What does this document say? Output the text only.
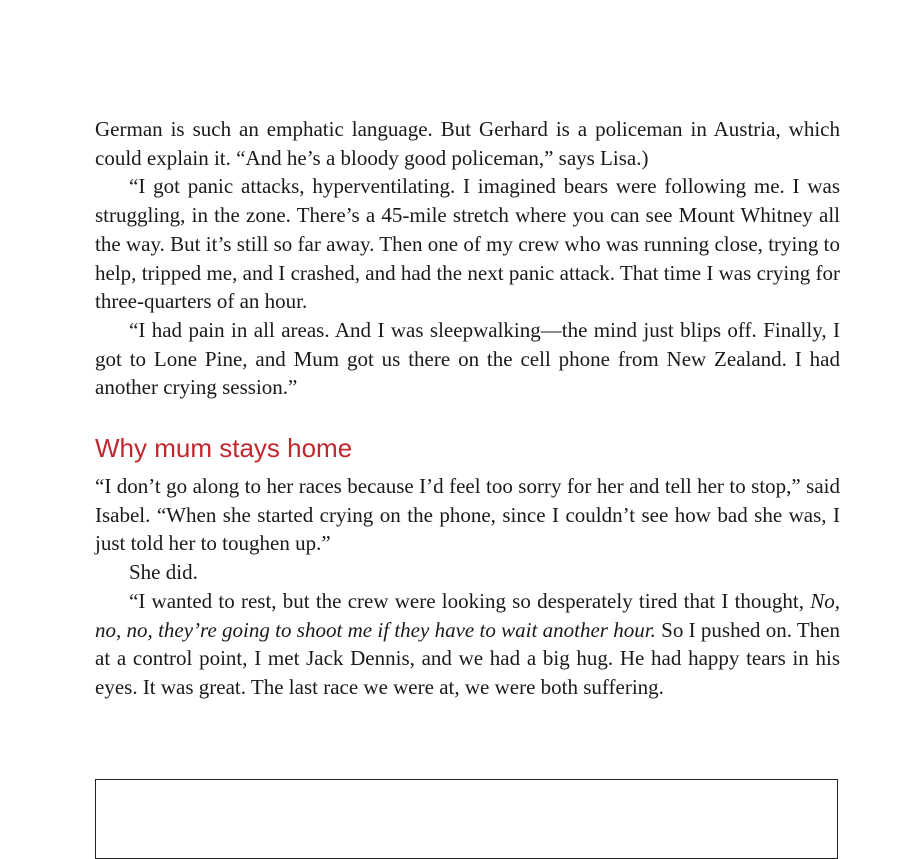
German is such an emphatic language. But Gerhard is a policeman in Austria, which could explain it. “And he’s a bloody good policeman,” says Lisa.)

“I got panic attacks, hyperventilating. I imagined bears were following me. I was struggling, in the zone. There’s a 45-mile stretch where you can see Mount Whitney all the way. But it’s still so far away. Then one of my crew who was running close, trying to help, tripped me, and I crashed, and had the next panic attack. That time I was crying for three-quarters of an hour.

“I had pain in all areas. And I was sleepwalking—the mind just blips off. Finally, I got to Lone Pine, and Mum got us there on the cell phone from New Zealand. I had another crying session.”

Why mum stays home

“I don’t go along to her races because I’d feel too sorry for her and tell her to stop,” said Isabel. “When she started crying on the phone, since I couldn’t see how bad she was, I just told her to toughen up.”

She did.

“I wanted to rest, but the crew were looking so desperately tired that I thought, No, no, no, they’re going to shoot me if they have to wait another hour. So I pushed on. Then at a control point, I met Jack Dennis, and we had a big hug. He had happy tears in his eyes. It was great. The last race we were at, we were both suffering.
